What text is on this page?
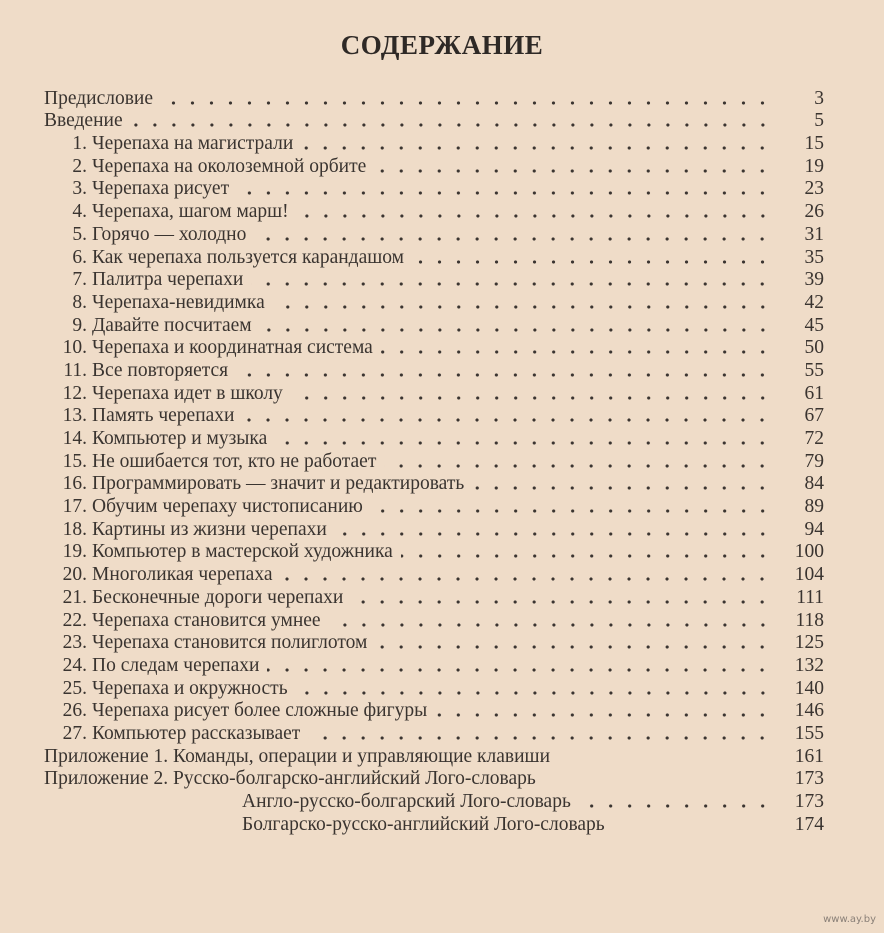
СОДЕРЖАНИЕ
Предисловие	3
Введение	5
1. Черепаха на магистрали	15
2. Черепаха на околоземной орбите	19
3. Черепаха рисует	23
4. Черепаха, шагом марш!	26
5. Горячо — холодно	31
6. Как черепаха пользуется карандашом	35
7. Палитра черепахи	39
8. Черепаха-невидимка	42
9. Давайте посчитаем	45
10. Черепаха и координатная система	50
11. Все повторяется	55
12. Черепаха идет в школу	61
13. Память черепахи	67
14. Компьютер и музыка	72
15. Не ошибается тот, кто не работает	79
16. Программировать — значит и редактировать	84
17. Обучим черепаху чистописанию	89
18. Картины из жизни черепахи	94
19. Компьютер в мастерской художника	100
20. Многоликая черепаха	104
21. Бесконечные дороги черепахи	111
22. Черепаха становится умнее	118
23. Черепаха становится полиглотом	125
24. По следам черепахи	132
25. Черепаха и окружность	140
26. Черепаха рисует более сложные фигуры	146
27. Компьютер рассказывает	155
Приложение 1. Команды, операции и управляющие клавиши	161
Приложение 2. Русско-болгарско-английский Лого-словарь	173
Англо-русско-болгарский Лого-словарь	173
Болгарско-русско-английский Лого-словарь	174
www.ay.by
